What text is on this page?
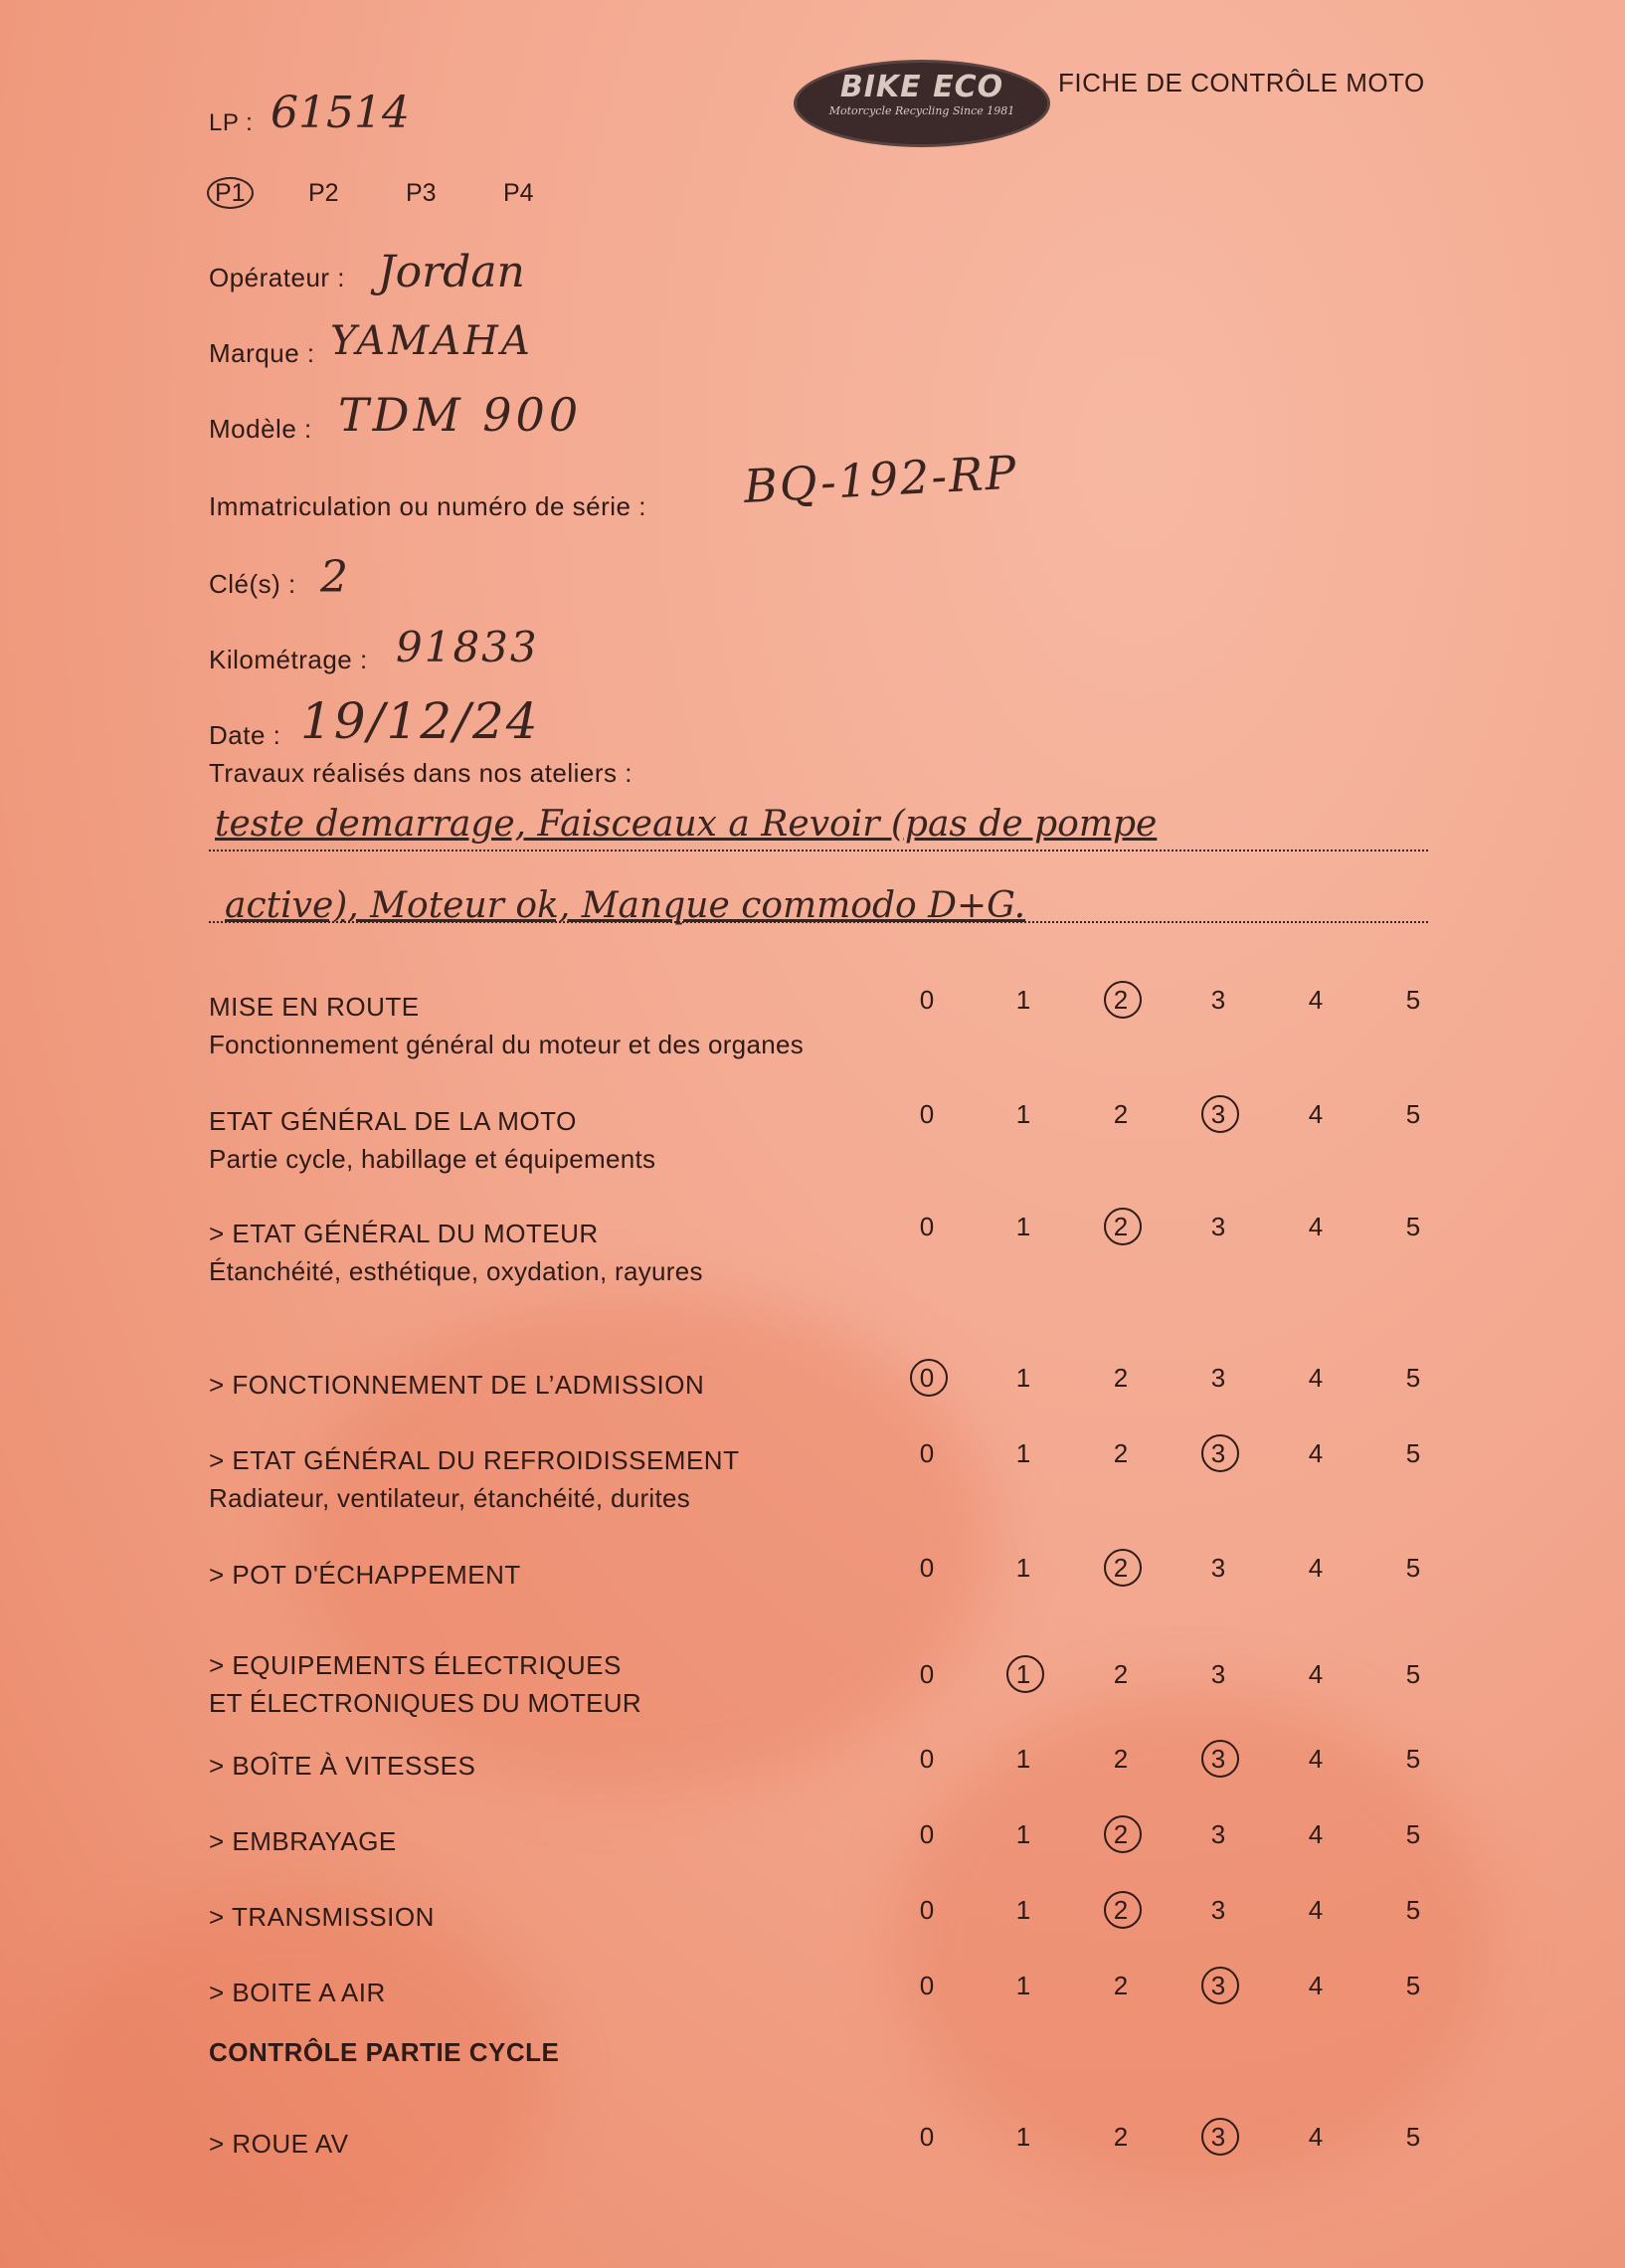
BIKE ECO
Motorcycle Recycling Since 1981
FICHE DE CONTRÔLE MOTO
LP : 61514
P1	P2	P3	P4
Opérateur : Jordan
Marque : YAMAHA
Modèle : TDM 900
Immatriculation ou numéro de série : BQ-192-RP
Clé(s) : 2
Kilométrage : 91833
Date : 19/12/24
Travaux réalisés dans nos ateliers :
teste demarrage, Faisceaux a Revoir (pas de pompe
active), Moteur ok, Manque commodo D+G.
CONTRÔLE PARTIE CYCLE
MISE EN ROUTE
Fonctionnement général du moteur et des organes
0	1	2	3	4	5
ETAT GÉNÉRAL DE LA MOTO
Partie cycle, habillage et équipements
0	1	2	3	4	5
> ETAT GÉNÉRAL DU MOTEUR
Étanchéité, esthétique, oxydation, rayures
0	1	2	3	4	5
> FONCTIONNEMENT DE L’ADMISSION	0	1	2	3	4	5
> ETAT GÉNÉRAL DU REFROIDISSEMENT
Radiateur, ventilateur, étanchéité, durites
0	1	2	3	4	5
> POT D'ÉCHAPPEMENT	0	1	2	3	4	5
> EQUIPEMENTS ÉLECTRIQUES
ET ÉLECTRONIQUES DU MOTEUR
0	1	2	3	4	5
> BOÎTE À VITESSES	0	1	2	3	4	5
> EMBRAYAGE	0	1	2	3	4	5
> TRANSMISSION	0	1	2	3	4	5
> BOITE A AIR	0	1	2	3	4	5
> ROUE AV	0	1	2	3	4	5
